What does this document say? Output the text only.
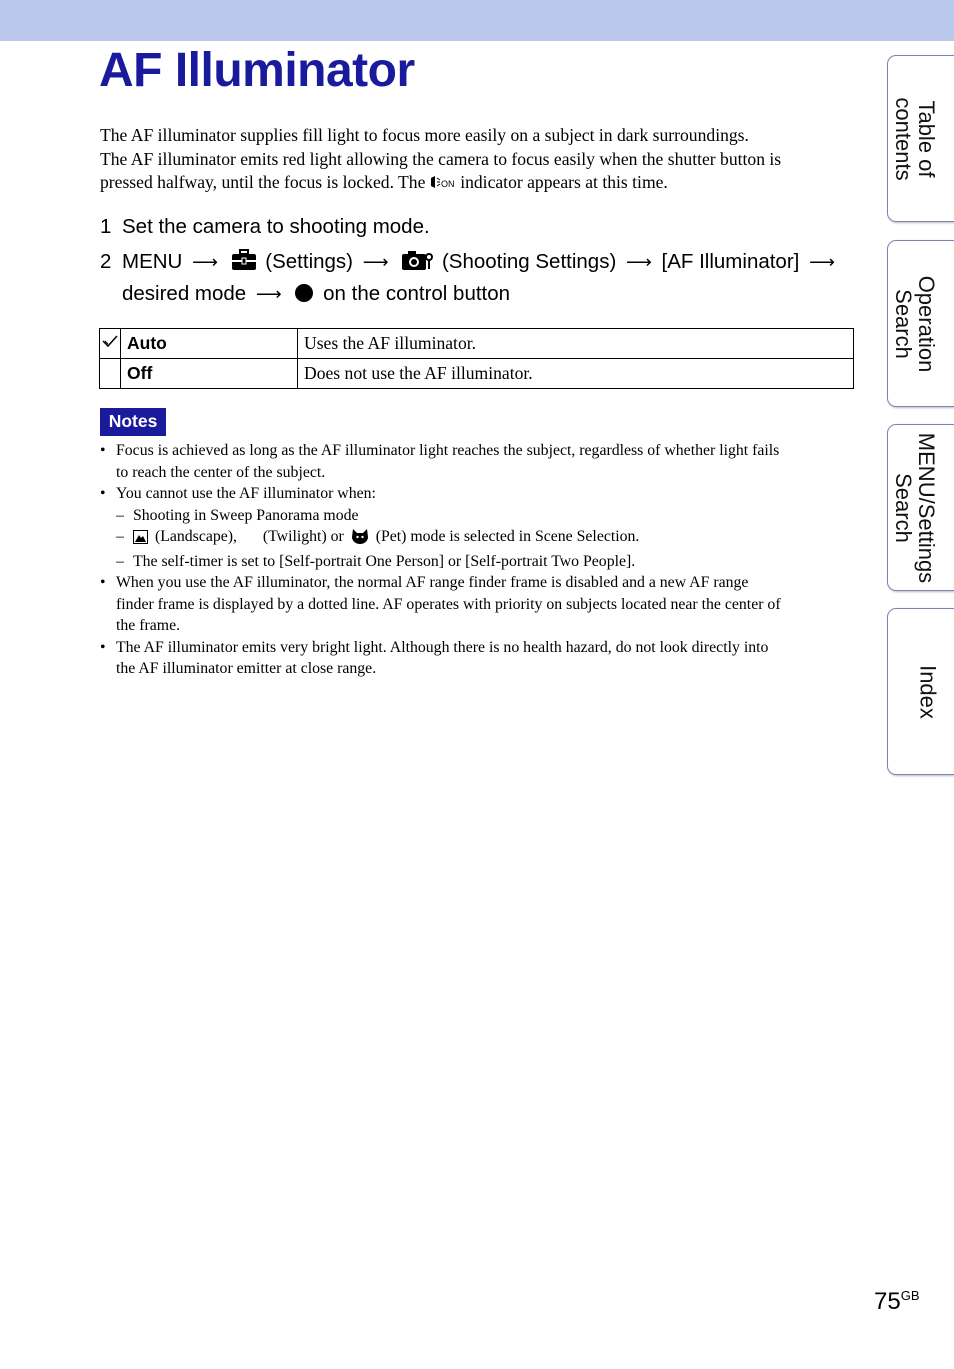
AF Illuminator
The AF illuminator supplies fill light to focus more easily on a subject in dark surroundings.
The AF illuminator emits red light allowing the camera to focus easily when the shutter button is
pressed halfway, until the focus is locked. The ON indicator appears at this time.
1 Set the camera to shooting mode.
2 MENU ⟶ (Settings) ⟶	(Shooting Settings) ⟶ [AF Illuminator] ⟶
desired mode ⟶ on the control button
	Auto	Uses the AF illuminator.
	Off	Does not use the AF illuminator.
Notes
• Focus is achieved as long as the AF illuminator light reaches the subject, regardless of whether light fails
to reach the center of the subject.
• You cannot use the AF illuminator when:
– Shooting in Sweep Panorama mode
– (Landscape), (Twilight) or (Pet) mode is selected in Scene Selection.
– The self-timer is set to [Self-portrait One Person] or [Self-portrait Two People].
• When you use the AF illuminator, the normal AF range finder frame is disabled and a new AF range
finder frame is displayed by a dotted line. AF operates with priority on subjects located near the center of
the frame.
• The AF illuminator emits very bright light. Although there is no health hazard, do not look directly into
the AF illuminator emitter at close range.
Table of
contents
Operation
Search
MENU/Settings
Search
Index
$75^{GB}$
